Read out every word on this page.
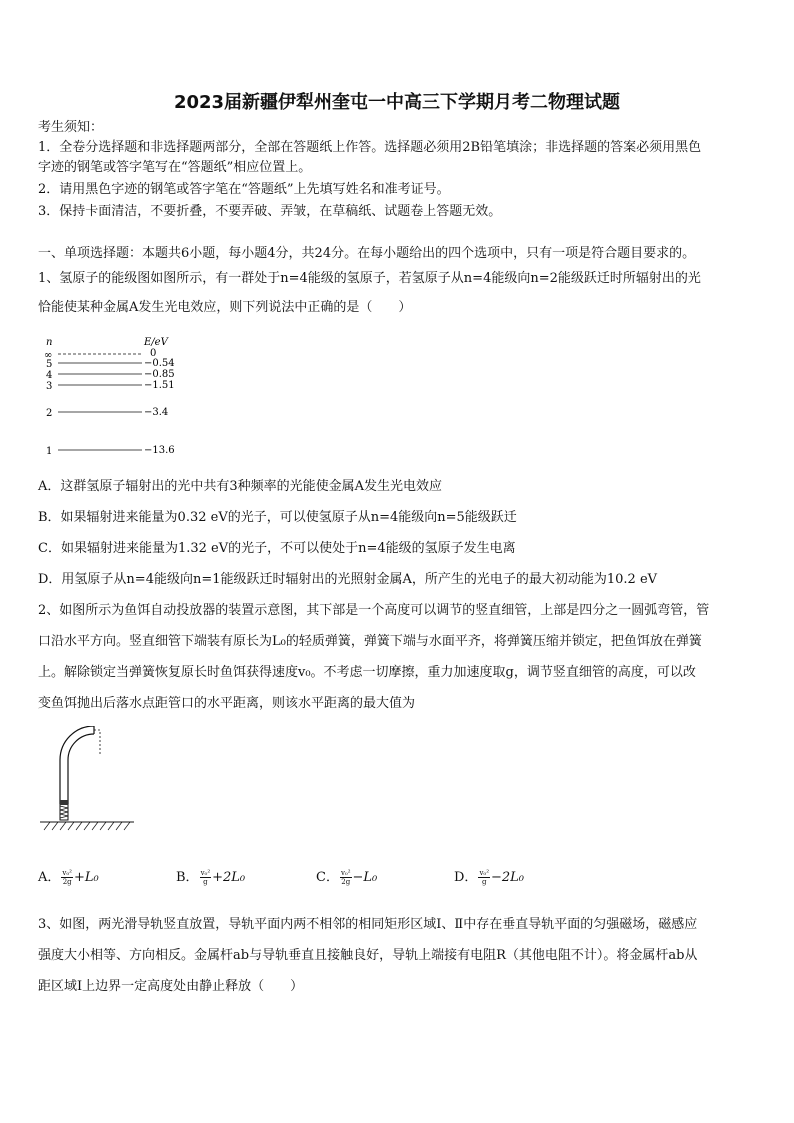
2023届新疆伊犁州奎屯一中高三下学期月考二物理试题
考生须知：
1．全卷分选择题和非选择题两部分，全部在答题纸上作答。选择题必须用2B铅笔填涂；非选择题的答案必须用黑色
字迹的钢笔或答字笔写在“答题纸”相应位置上。
2．请用黑色字迹的钢笔或答字笔在“答题纸”上先填写姓名和准考证号。
3．保持卡面清洁，不要折叠，不要弄破、弄皱，在草稿纸、试题卷上答题无效。
一、单项选择题：本题共6小题，每小题4分，共24分。在每小题给出的四个选项中，只有一项是符合题目要求的。
1、氢原子的能级图如图所示，有一群处于n=4能级的氢原子，若氢原子从n=4能级向n=2能级跃迁时所辐射出的光
恰能使某种金属A发生光电效应，则下列说法中正确的是（　　）
n	E/eV
∞	0
5	−0.54
4	−0.85
3	−1.51
2	−3.4
1	−13.6
A．这群氢原子辐射出的光中共有3种频率的光能使金属A发生光电效应
B．如果辐射进来能量为0.32 eV的光子，可以使氢原子从n=4能级向n=5能级跃迁
C．如果辐射进来能量为1.32 eV的光子，不可以使处于n=4能级的氢原子发生电离
D．用氢原子从n=4能级向n=1能级跃迁时辐射出的光照射金属A，所产生的光电子的最大初动能为10.2 eV
2、如图所示为鱼饵自动投放器的装置示意图，其下部是一个高度可以调节的竖直细管，上部是四分之一圆弧弯管，管
口沿水平方向。竖直细管下端装有原长为L₀的轻质弹簧，弹簧下端与水面平齐，将弹簧压缩并锁定，把鱼饵放在弹簧
上。解除锁定当弹簧恢复原长时鱼饵获得速度v₀。不考虑一切摩擦，重力加速度取g，调节竖直细管的高度，可以改
变鱼饵抛出后落水点距管口的水平距离，则该水平距离的最大值为
A． $\frac{\text{v₀²}}{2g} +L_0$	B． $\frac{\text{v₀²}}{g} +2L_0$	C． $\frac{\text{v₀²}}{2g} -L_0$	D． $\frac{\text{v₀²}}{g} -2L_0$
3、如图，两光滑导轨竖直放置，导轨平面内两不相邻的相同矩形区域Ⅰ、Ⅱ中存在垂直导轨平面的匀强磁场，磁感应
强度大小相等、方向相反。金属杆ab与导轨垂直且接触良好，导轨上端接有电阻R（其他电阻不计）。将金属杆ab从
距区域Ⅰ上边界一定高度处由静止释放（　　）
